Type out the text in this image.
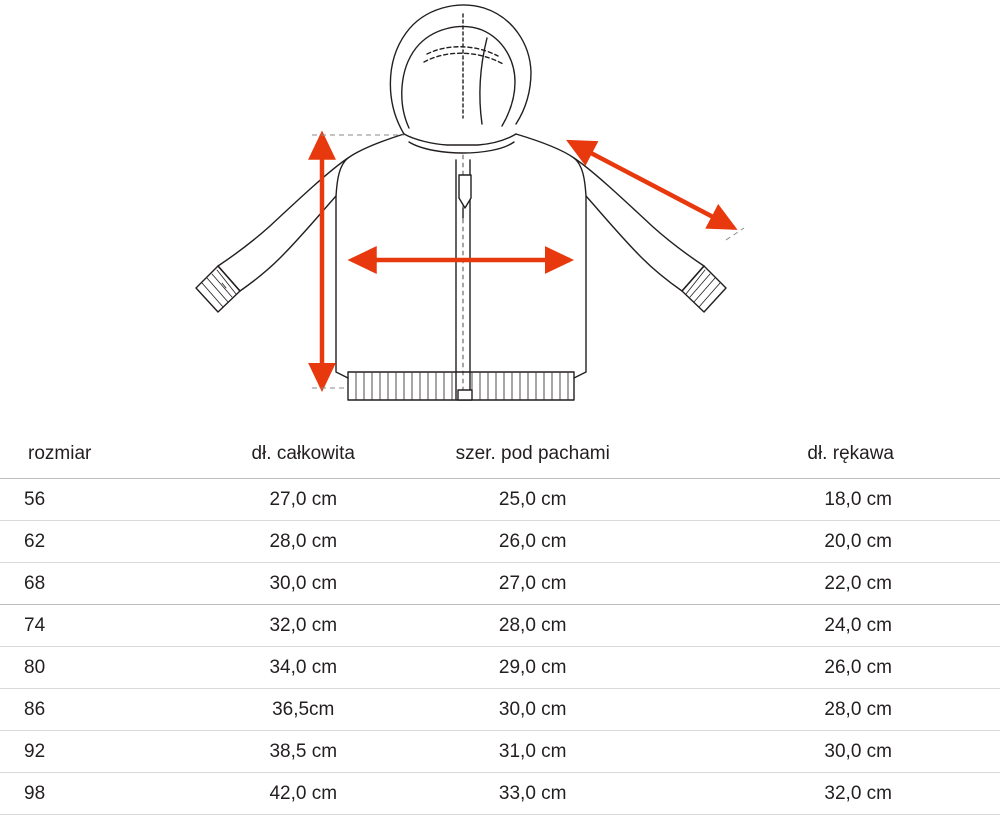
rozmiar	dł. całkowita	szer. pod pachami	dł. rękawa
56	27,0 cm	25,0 cm	18,0 cm
62	28,0 cm	26,0 cm	20,0 cm
68	30,0 cm	27,0 cm	22,0 cm
74	32,0 cm	28,0 cm	24,0 cm
80	34,0 cm	29,0 cm	26,0 cm
86	36,5cm	30,0 cm	28,0 cm
92	38,5 cm	31,0 cm	30,0 cm
98	42,0 cm	33,0 cm	32,0 cm
